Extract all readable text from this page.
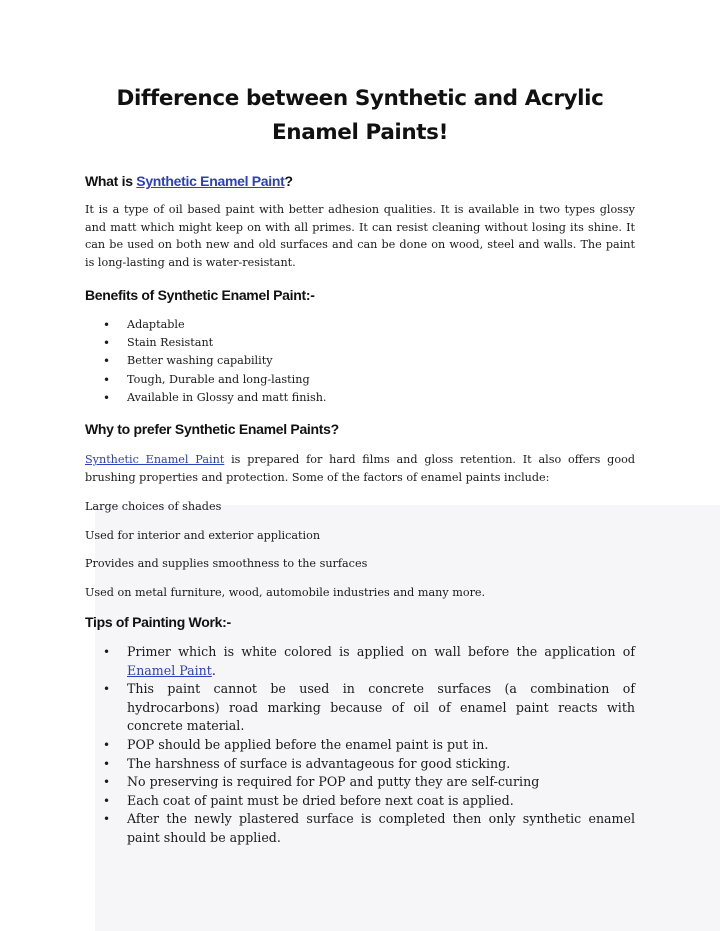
Difference between Synthetic and Acrylic
Enamel Paints!
What is Synthetic Enamel Paint?

It is a type of oil based paint with better adhesion qualities. It is available in two types glossy and matt which might keep on with all primes. It can resist cleaning without losing its shine. It can be used on both new and old surfaces and can be done on wood, steel and walls. The paint is long-lasting and is water-resistant.

Benefits of Synthetic Enamel Paint:-
• Adaptable
• Stain Resistant
• Better washing capability
• Tough, Durable and long-lasting
• Available in Glossy and matt finish.
Why to prefer Synthetic Enamel Paints?

Synthetic Enamel Paint is prepared for hard films and gloss retention. It also offers good brushing properties and protection. Some of the factors of enamel paints include:

Large choices of shades

Used for interior and exterior application

Provides and supplies smoothness to the surfaces

Used on metal furniture, wood, automobile industries and many more.

Tips of Painting Work:-
• Primer which is white colored is applied on wall before the application of Enamel Paint.
• This paint cannot be used in concrete surfaces (a combination of hydrocarbons) road marking because of oil of enamel paint reacts with concrete material.
• POP should be applied before the enamel paint is put in.
• The harshness of surface is advantageous for good sticking.
• No preserving is required for POP and putty they are self-curing
• Each coat of paint must be dried before next coat is applied.
• After the newly plastered surface is completed then only synthetic enamel paint should be applied.
